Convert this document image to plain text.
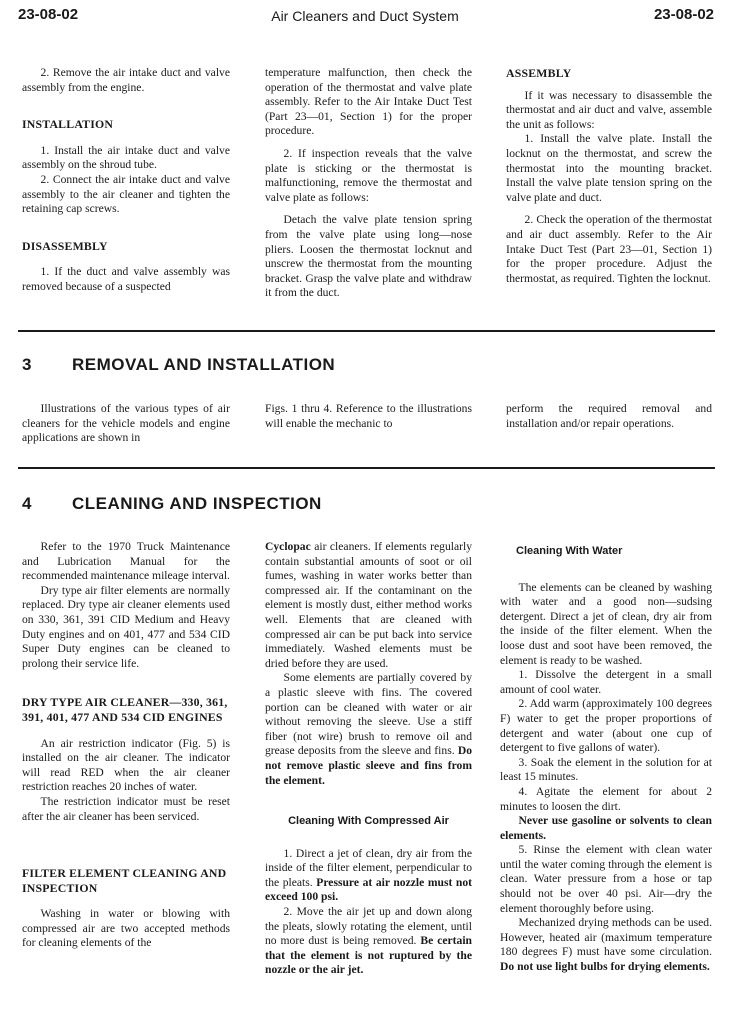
23-08-02	Air Cleaners and Duct System	23-08-02

2. Remove the air intake duct and valve assembly from the engine.

INSTALLATION

1. Install the air intake duct and valve assembly on the shroud tube.

2. Connect the air intake duct and valve assembly to the air cleaner and tighten the retaining cap screws.

DISASSEMBLY

1. If the duct and valve assembly was removed because of a suspected

temperature malfunction, then check the operation of the thermostat and valve plate assembly. Refer to the Air Intake Duct Test (Part 23—01, Section 1) for the proper procedure.

2. If inspection reveals that the valve plate is sticking or the thermostat is malfunctioning, remove the thermostat and valve plate as follows:

Detach the valve plate tension spring from the valve plate using long—nose pliers. Loosen the thermostat locknut and unscrew the thermostat from the mounting bracket. Grasp the valve plate and withdraw it from the duct.

ASSEMBLY

If it was necessary to disassemble the thermostat and air duct and valve, assemble the unit as follows:

1. Install the valve plate. Install the locknut on the thermostat, and screw the thermostat into the mounting bracket. Install the valve plate tension spring on the valve plate and duct.

2. Check the operation of the thermostat and air duct assembly. Refer to the Air Intake Duct Test (Part 23—01, Section 1) for the proper procedure. Adjust the thermostat, as required. Tighten the locknut.

3 REMOVAL AND INSTALLATION

Illustrations of the various types of air cleaners for the vehicle models and engine applications are shown in

Figs. 1 thru 4. Reference to the illustrations will enable the mechanic to

perform the required removal and installation and/or repair operations.

4 CLEANING AND INSPECTION

Refer to the 1970 Truck Maintenance and Lubrication Manual for the recommended maintenance mileage interval.

Dry type air filter elements are normally replaced. Dry type air cleaner elements used on 330, 361, 391 CID Medium and Heavy Duty engines and on 401, 477 and 534 CID Super Duty engines can be cleaned to prolong their service life.

DRY TYPE AIR CLEANER—330, 361, 391, 401, 477 AND 534 CID ENGINES

An air restriction indicator (Fig. 5) is installed on the air cleaner. The indicator will read RED when the air cleaner restriction reaches 20 inches of water.

The restriction indicator must be reset after the air cleaner has been serviced.

FILTER ELEMENT CLEANING AND INSPECTION

Washing in water or blowing with compressed air are two accepted methods for cleaning elements of the

Cyclopac air cleaners. If elements regularly contain substantial amounts of soot or oil fumes, washing in water works better than compressed air. If the contaminant on the element is mostly dust, either method works well. Elements that are cleaned with compressed air can be put back into service immediately. Washed elements must be dried before they are used.

Some elements are partially covered by a plastic sleeve with fins. The covered portion can be cleaned with water or air without removing the sleeve. Use a stiff fiber (not wire) brush to remove oil and grease deposits from the sleeve and fins. Do not remove plastic sleeve and fins from the element.

Cleaning With Compressed Air

1. Direct a jet of clean, dry air from the inside of the filter element, perpendicular to the pleats. Pressure at air nozzle must not exceed 100 psi.

2. Move the air jet up and down along the pleats, slowly rotating the element, until no more dust is being removed. Be certain that the element is not ruptured by the nozzle or the air jet.

Cleaning With Water

The elements can be cleaned by washing with water and a good non—sudsing detergent. Direct a jet of clean, dry air from the inside of the filter element. When the loose dust and soot have been removed, the element is ready to be washed.

1. Dissolve the detergent in a small amount of cool water.

2. Add warm (approximately 100 degrees F) water to get the proper proportions of detergent and water (about one cup of detergent to five gallons of water).

3. Soak the element in the solution for at least 15 minutes.

4. Agitate the element for about 2 minutes to loosen the dirt.

Never use gasoline or solvents to clean elements.

5. Rinse the element with clean water until the water coming through the element is clean. Water pressure from a hose or tap should not be over 40 psi. Air—dry the element thoroughly before using.

Mechanized drying methods can be used. However, heated air (maximum temperature 180 degrees F) must have some circulation. Do not use light bulbs for drying elements.
